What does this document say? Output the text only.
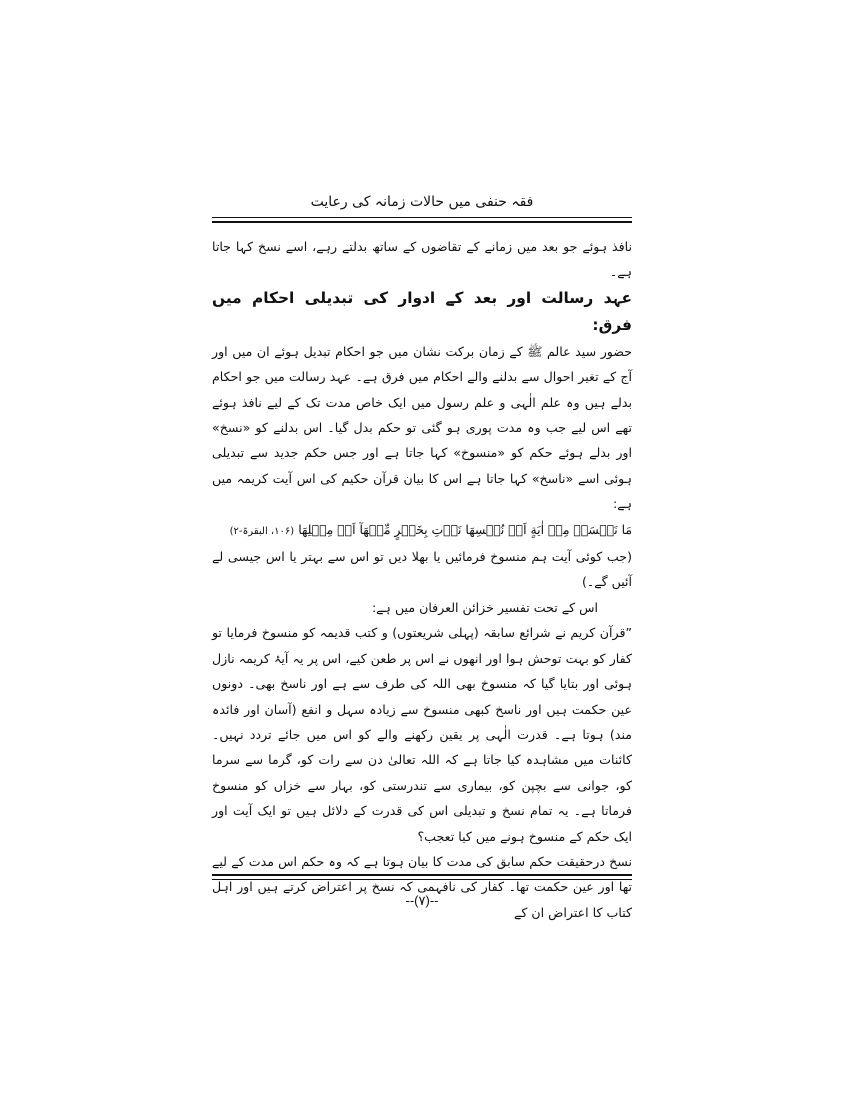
فقہ حنفی میں حالات زمانہ کی رعایت

نافذ ہوئے جو بعد میں زمانے کے تقاضوں کے ساتھ بدلتے رہے، اسے نسخ کہا جاتا ہے۔

عہد رسالت اور بعد کے ادوار کی تبدیلی احکام میں فرق:

حضور سید عالم ﷺ کے زمان برکت نشان میں جو احکام تبدیل ہوئے ان میں اور آج کے تغیر احوال سے بدلنے والے احکام میں فرق ہے۔ عہد رسالت میں جو احکام بدلے ہیں وہ علم الٰہی و علم رسول میں ایک خاص مدت تک کے لیے نافذ ہوئے تھے اس لیے جب وہ مدت پوری ہو گئی تو حکم بدل گیا۔ اس بدلنے کو «نسخ» اور بدلے ہوئے حکم کو «منسوخ» کہا جاتا ہے اور جس حکم جدید سے تبدیلی ہوئی اسے «ناسخ» کہا جاتا ہے اس کا بیان قرآن حکیم کی اس آیت کریمہ میں ہے:

مَا نَنۡسَخۡ مِنۡ اٰيَةٍ اَوۡ نُنۡسِهَا نَاۡتِ بِخَيۡرٍ مِّنۡهَآ اَوۡ مِثۡلِهَا (۱۰۶، البقرۃ-۲)

(جب کوئی آیت ہم منسوخ فرمائیں یا بھلا دیں تو اس سے بہتر یا اس جیسی لے آئیں گے۔)

اس کے تحت تفسیر خزائن العرفان میں ہے:

”قرآن کریم نے شرائع سابقہ (پہلی شریعتوں) و کتب قدیمہ کو منسوخ فرمایا تو کفار کو بہت توحش ہوا اور انھوں نے اس پر طعن کیے، اس پر یہ آیۂ کریمہ نازل ہوئی اور بتایا گیا کہ منسوخ بھی اللہ کی طرف سے ہے اور ناسخ بھی۔ دونوں عین حکمت ہیں اور ناسخ کبھی منسوخ سے زیادہ سہل و انفع (آسان اور فائدہ مند) ہوتا ہے۔ قدرت الٰہی پر یقین رکھنے والے کو اس میں جائے تردد نہیں۔ کائنات میں مشاہدہ کیا جاتا ہے کہ اللہ تعالیٰ دن سے رات کو، گرما سے سرما کو، جوانی سے بچپن کو، بیماری سے تندرستی کو، بہار سے خزاں کو منسوخ فرماتا ہے۔ یہ تمام نسخ و تبدیلی اس کی قدرت کے دلائل ہیں تو ایک آیت اور ایک حکم کے منسوخ ہونے میں کیا تعجب؟

نسخ درحقیقت حکم سابق کی مدت کا بیان ہوتا ہے کہ وہ حکم اس مدت کے لیے تھا اور عین حکمت تھا۔ کفار کی نافہمی کہ نسخ پر اعتراض کرتے ہیں اور اہل کتاب کا اعتراض ان کے

--(۷)--
